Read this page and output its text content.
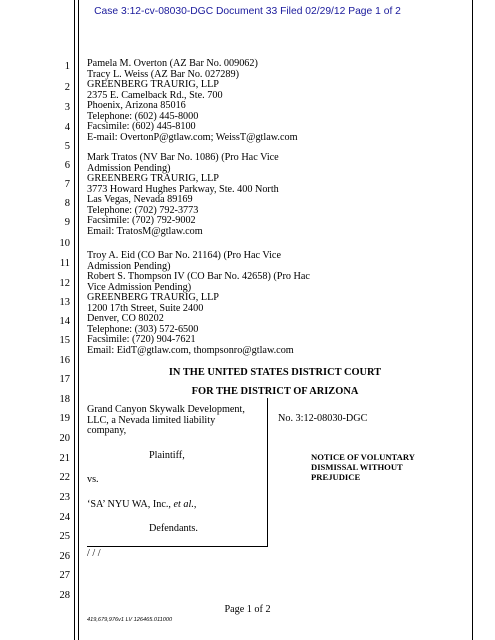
Case 3:12-cv-08030-DGC Document 33 Filed 02/29/12 Page 1 of 2
1
2
3
4
5
6
7
8
9
10
11
12
13
14
15
16
17
18
19
20
21
22
23
24
25
26
27
28
Pamela M. Overton (AZ Bar No. 009062)
Tracy L. Weiss (AZ Bar No. 027289)
GREENBERG TRAURIG, LLP
2375 E. Camelback Rd., Ste. 700
Phoenix, Arizona 85016
Telephone: (602) 445-8000
Facsimile: (602) 445-8100
E-mail: OvertonP@gtlaw.com; WeissT@gtlaw.com
Mark Tratos (NV Bar No. 1086) (Pro Hac Vice
Admission Pending)
GREENBERG TRAURIG, LLP
3773 Howard Hughes Parkway, Ste. 400 North
Las Vegas, Nevada 89169
Telephone: (702) 792-3773
Facsimile: (702) 792-9002
Email: TratosM@gtlaw.com
Troy A. Eid (CO Bar No. 21164) (Pro Hac Vice
Admission Pending)
Robert S. Thompson IV (CO Bar No. 42658) (Pro Hac
Vice Admission Pending)
GREENBERG TRAURIG, LLP
1200 17th Street, Suite 2400
Denver, CO 80202
Telephone: (303) 572-6500
Facsimile: (720) 904-7621
Email: EidT@gtlaw.com, thompsonro@gtlaw.com
IN THE UNITED STATES DISTRICT COURT
FOR THE DISTRICT OF ARIZONA
Grand Canyon Skywalk Development,
LLC, a Nevada limited liability
company,
Plaintiff,
vs.
‘SA’ NYU WA, Inc., et al.,
Defendants.
No. 3:12-08030-DGC
NOTICE OF VOLUNTARY
DISMISSAL WITHOUT
PREJUDICE
/ / /
Page 1 of 2
419,679,976v1 LV 126465.011000
